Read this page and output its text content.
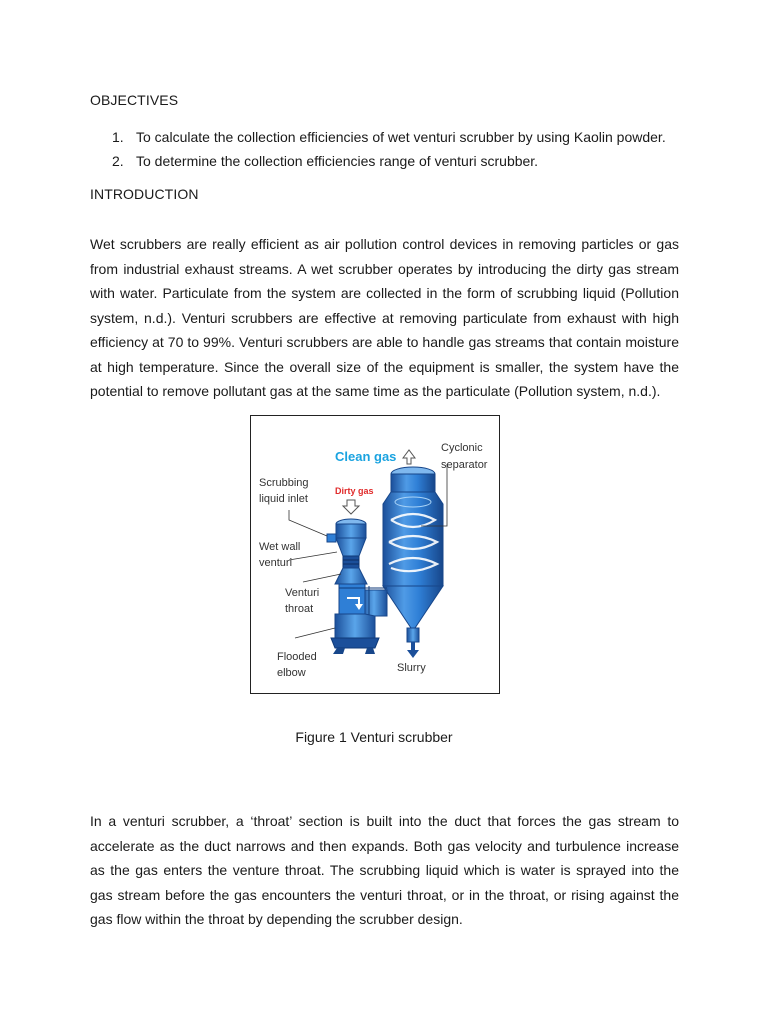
OBJECTIVES
1. To calculate the collection efficiencies of wet venturi scrubber by using Kaolin powder.
2. To determine the collection efficiencies range of venturi scrubber.
INTRODUCTION

Wet scrubbers are really efficient as air pollution control devices in removing particles or gas from industrial exhaust streams. A wet scrubber operates by introducing the dirty gas stream with water. Particulate from the system are collected in the form of scrubbing liquid (Pollution system, n.d.). Venturi scrubbers are effective at removing particulate from exhaust with high efficiency at 70 to 99%. Venturi scrubbers are able to handle gas streams that contain moisture at high temperature. Since the overall size of the equipment is smaller, the system have the potential to remove pollutant gas at the same time as the particulate (Pollution system, n.d.).

Clean gas
Cyclonic
separator
Scrubbing
liquid inlet
Dirty gas
Wet wall
venturi
Venturi
throat
Flooded
elbow	Slurry
Figure 1 Venturi scrubber

In a venturi scrubber, a ‘throat’ section is built into the duct that forces the gas stream to accelerate as the duct narrows and then expands. Both gas velocity and turbulence increase as the gas enters the venture throat. The scrubbing liquid which is water is sprayed into the gas stream before the gas encounters the venturi throat, or in the throat, or rising against the gas flow within the throat by depending the scrubber design.
